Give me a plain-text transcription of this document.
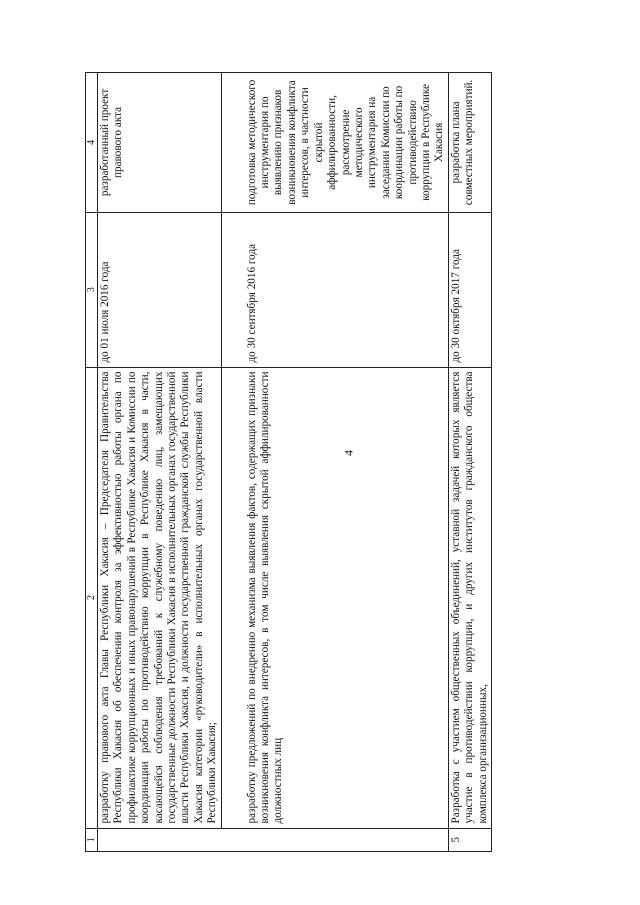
4
1	2	3	4
	разработку правового акта Главы Республики Хакасия – Председателя Правительства Республики Хакасия об обеспечении контроля за эффективностью работы органа по профилактике коррупционных и иных правонарушений в Республике Хакасия и Комиссии по координации работы по противодействию коррупции в Республике Хакасия в части, касающейся соблюдения требований к служебному поведению лиц, замещающих государственные должности Республики Хакасия в исполнительных органах государственной власти Республики Хакасия, и должности государственной гражданской службы Республики Хакасия категории «руководители» в исполнительных органах государственной власти Республики Хакасия;	до 01 июля 2016 года	разработанный проект правового акта
	разработку предложений по внедрению механизма выявления фактов, содержащих признаки возникновения конфликта интересов, в том числе выявления скрытой аффилированности должностных лиц	до 30 сентября 2016 года	подготовка методического инструментария по выявлению признаков возникновения конфликта интересов, в частности скрытой аффилированности, рассмотрение методического инструментария на заседании Комиссии по координации работы по противодействию коррупции в Республике Хакасия
5	Разработка с участием общественных объединений, уставной задачей которых является участие в противодействии коррупции, и других институтов гражданского общества комплекса организационных,	до 30 октября 2017 года	разработка плана совместных мероприятий.
